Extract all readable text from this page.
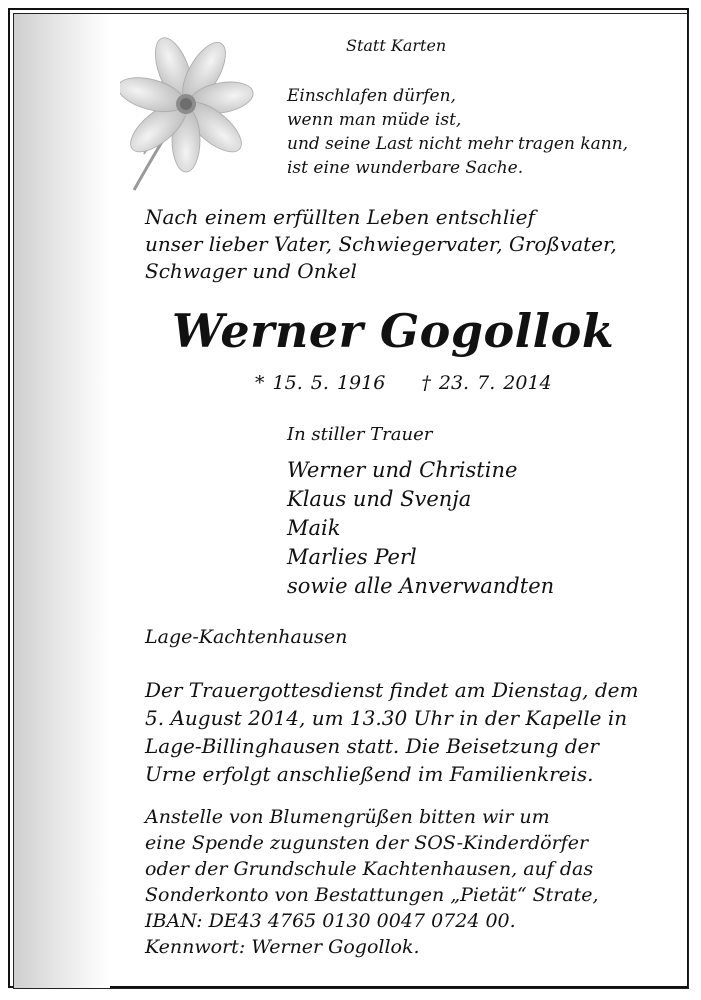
Statt Karten
Einschlafen dürfen,
wenn man müde ist,
und seine Last nicht mehr tragen kann,
ist eine wunderbare Sache.
Nach einem erfüllten Leben entschlief
unser lieber Vater, Schwiegervater, Großvater,
Schwager und Onkel
Werner Gogollok
* 15. 5. 1916 † 23. 7. 2014
In stiller Trauer
Werner und Christine
Klaus und Svenja
Maik
Marlies Perl
sowie alle Anverwandten
Lage-Kachtenhausen
Der Trauergottesdienst findet am Dienstag, dem
5. August 2014, um 13.30 Uhr in der Kapelle in
Lage-Billinghausen statt. Die Beisetzung der
Urne erfolgt anschließend im Familienkreis.
Anstelle von Blumengrüßen bitten wir um
eine Spende zugunsten der SOS-Kinderdörfer
oder der Grundschule Kachtenhausen, auf das
Sonderkonto von Bestattungen „Pietät“ Strate,
IBAN: DE43 4765 0130 0047 0724 00.
Kennwort: Werner Gogollok.
